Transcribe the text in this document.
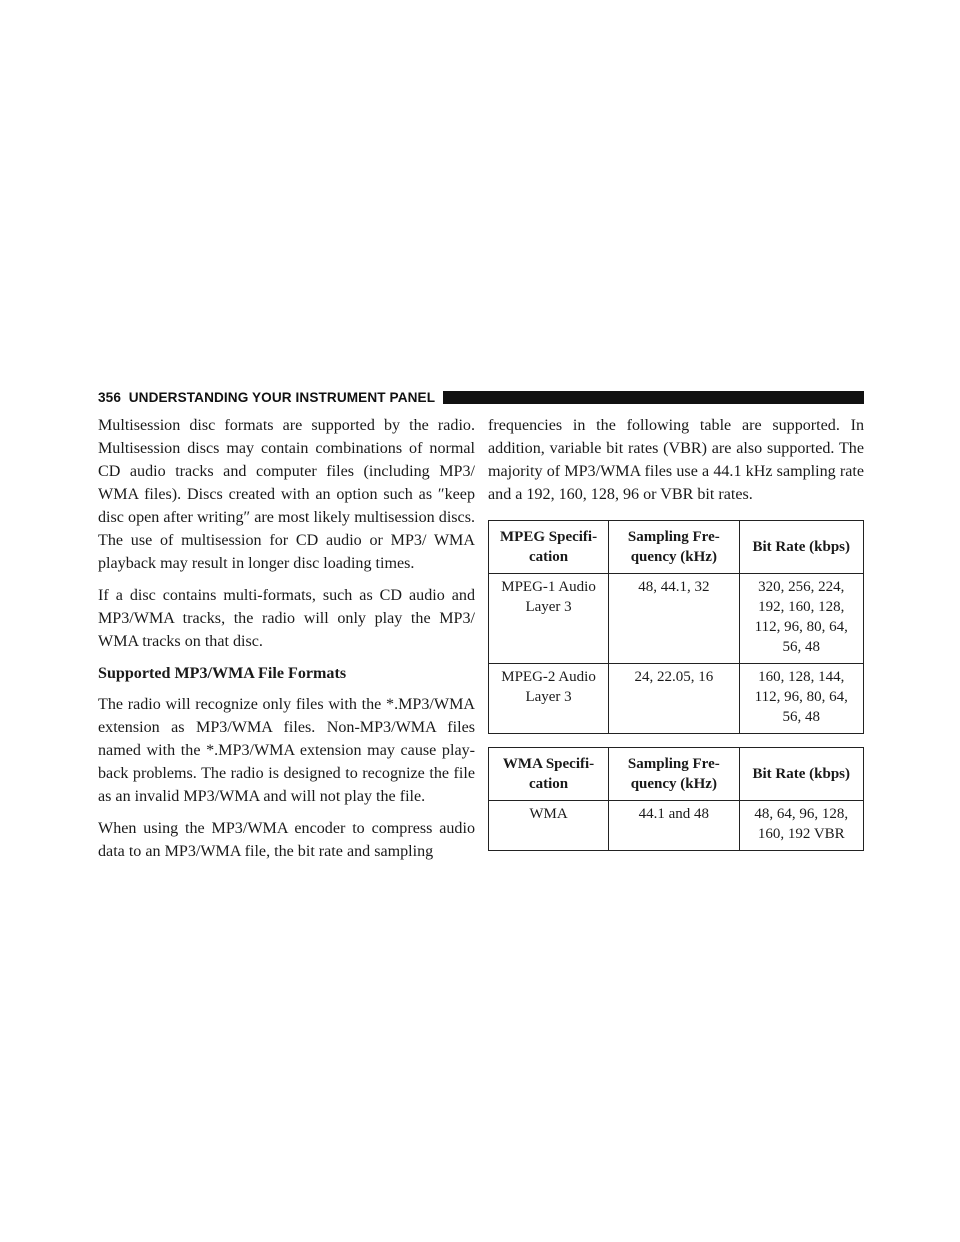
356 UNDERSTANDING YOUR INSTRUMENT PANEL

Multisession disc formats are supported by the radio. Multisession discs may contain combinations of normal CD audio tracks and computer files (including MP3/ WMA files). Discs created with an option such as ″keep disc open after writing″ are most likely multisession discs. The use of multisession for CD audio or MP3/ WMA playback may result in longer disc loading times.

If a disc contains multi-formats, such as CD audio and MP3/WMA tracks, the radio will only play the MP3/ WMA tracks on that disc.

Supported MP3/WMA File Formats

The radio will recognize only files with the *.MP3/WMA extension as MP3/WMA files. Non-MP3/WMA files named with the *.MP3/WMA extension may cause play-back problems. The radio is designed to recognize the file as an invalid MP3/WMA and will not play the file.

When using the MP3/WMA encoder to compress audio data to an MP3/WMA file, the bit rate and sampling

frequencies in the following table are supported. In addition, variable bit rates (VBR) are also supported. The majority of MP3/WMA files use a 44.1 kHz sampling rate and a 192, 160, 128, 96 or VBR bit rates.

MPEG Specifi-cation	Sampling Fre-quency (kHz)	Bit Rate (kbps)
MPEG-1 Audio Layer 3	48, 44.1, 32	320, 256, 224, 192, 160, 128, 112, 96, 80, 64, 56, 48
MPEG-2 Audio Layer 3	24, 22.05, 16	160, 128, 144, 112, 96, 80, 64, 56, 48
WMA Specifi-cation	Sampling Fre-quency (kHz)	Bit Rate (kbps)
WMA	44.1 and 48	48, 64, 96, 128, 160, 192 VBR
